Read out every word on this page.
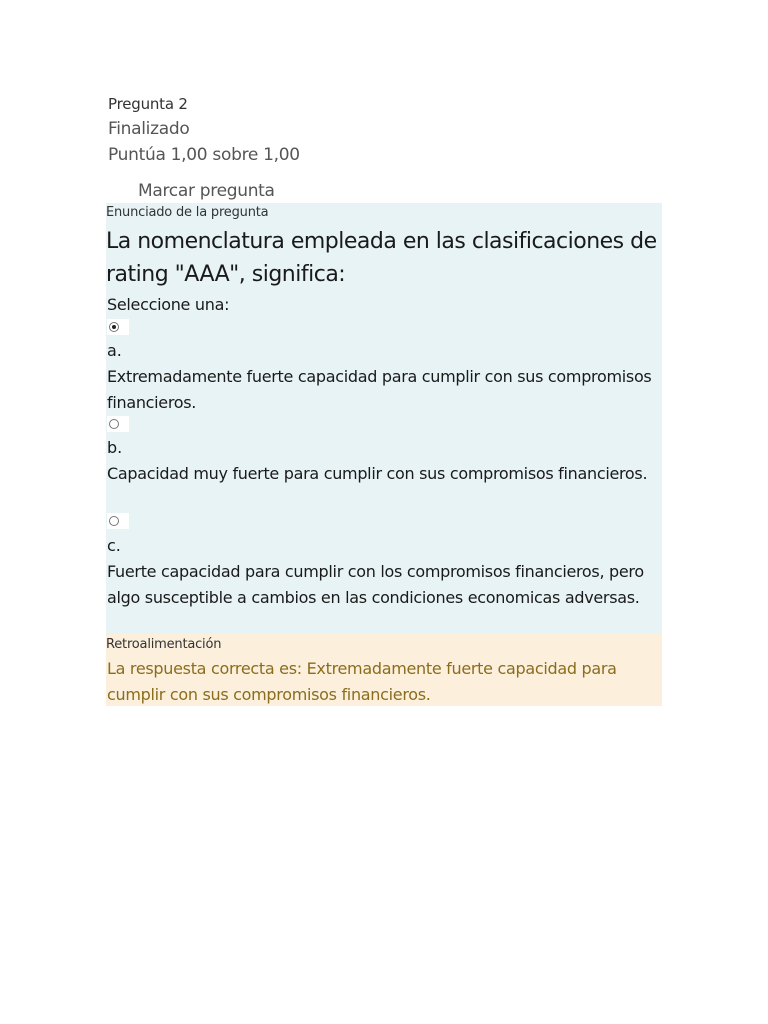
Pregunta 2
Finalizado
Puntúa 1,00 sobre 1,00
Marcar pregunta
Enunciado de la pregunta
La nomenclatura empleada en las clasificaciones de rating "AAA", significa:
Seleccione una:
a.
Extremadamente fuerte capacidad para cumplir con sus compromisos financieros.
b.
Capacidad muy fuerte para cumplir con sus compromisos financieros.
c.
Fuerte capacidad para cumplir con los compromisos financieros, pero algo susceptible a cambios en las condiciones economicas adversas.
Retroalimentación
La respuesta correcta es: Extremadamente fuerte capacidad para cumplir con sus compromisos financieros.
